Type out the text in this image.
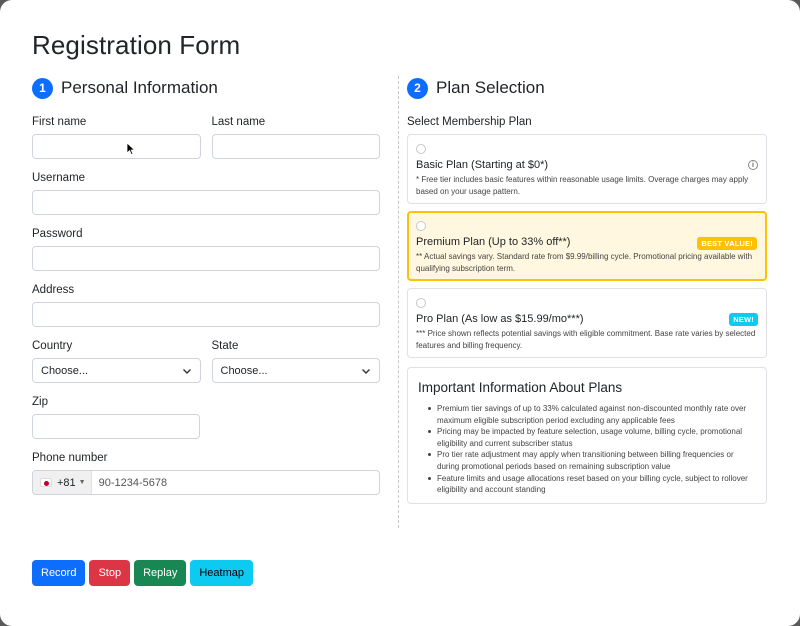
Registration Form
1 Personal Information
First name	Last name
Username
Password
Address
Country
Choose...
State
Choose...
Zip
Phone number
+81 ▼	90-1234-5678
2 Plan Selection
Select Membership Plan
Basic Plan (Starting at $0*)
* Free tier includes basic features within reasonable usage limits. Overage charges may apply based on your usage pattern.
i
Premium Plan (Up to 33% off**)
** Actual savings vary. Standard rate from $9.99/billing cycle. Promotional pricing available with qualifying subscription term.
BEST VALUE!
Pro Plan (As low as $15.99/mo***)
*** Price shown reflects potential savings with eligible commitment. Base rate varies by selected features and billing frequency.
NEW!
Important Information About Plans
Premium tier savings of up to 33% calculated against non-discounted monthly rate over maximum eligible subscription period excluding any applicable fees
Pricing may be impacted by feature selection, usage volume, billing cycle, promotional eligibility and current subscriber status
Pro tier rate adjustment may apply when transitioning between billing frequencies or during promotional periods based on remaining subscription value
Feature limits and usage allocations reset based on your billing cycle, subject to rollover eligibility and account standing
Record	Stop	Replay	Heatmap
